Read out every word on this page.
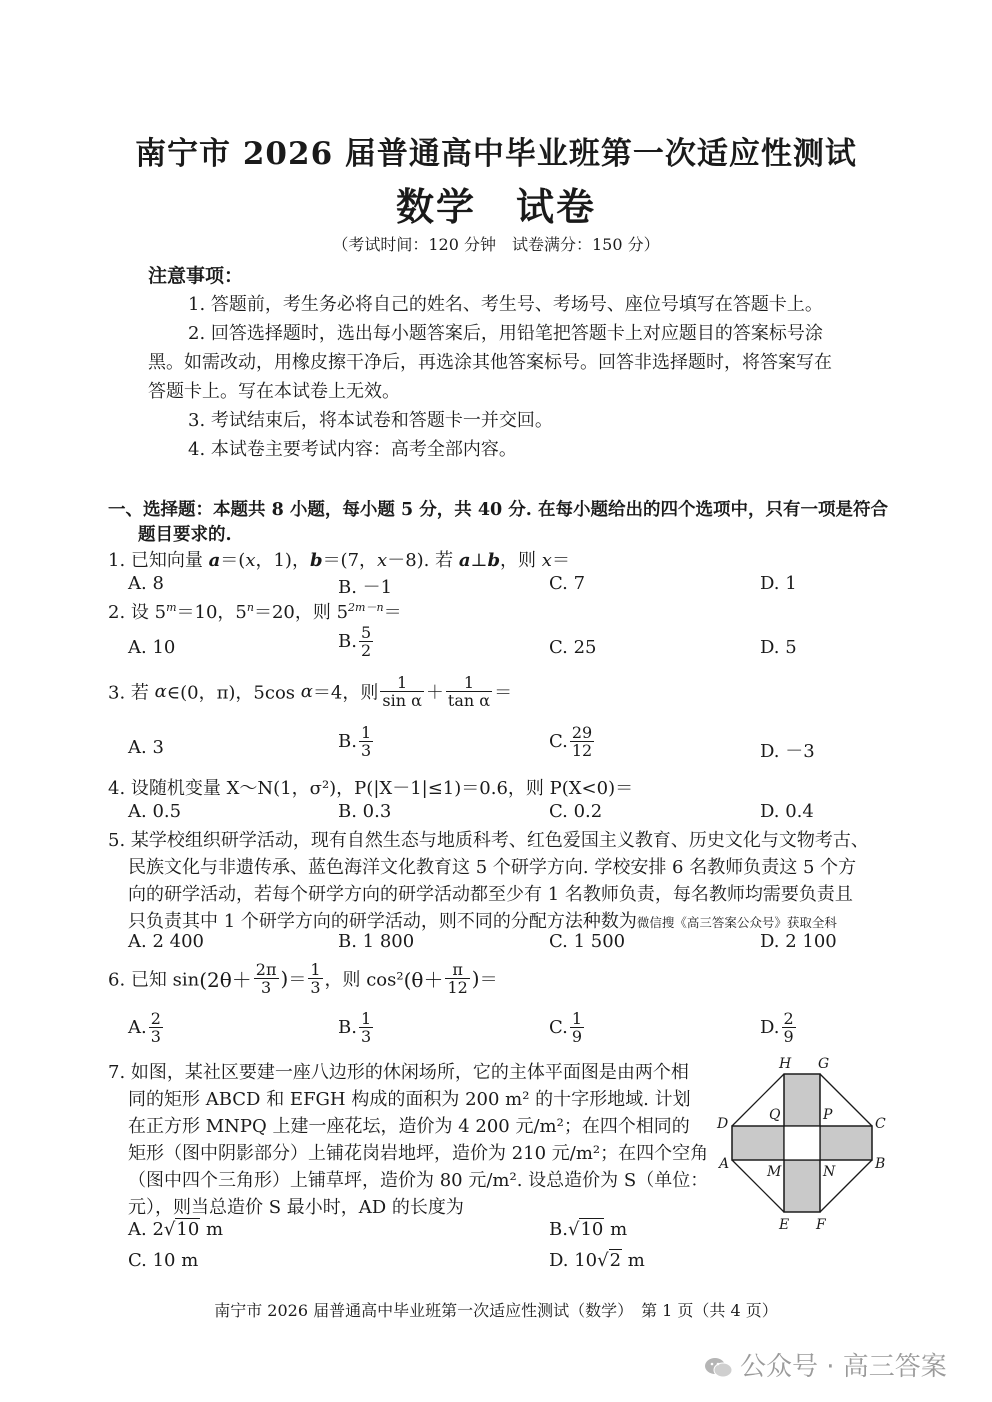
南宁市 2026 届普通高中毕业班第一次适应性测试
数学　试卷
（考试时间：120 分钟　试卷满分：150 分）
注意事项：
1. 答题前，考生务必将自己的姓名、考生号、考场号、座位号填写在答题卡上。
2. 回答选择题时，选出每小题答案后，用铅笔把答题卡上对应题目的答案标号涂
黑。如需改动，用橡皮擦干净后，再选涂其他答案标号。回答非选择题时，将答案写在
答题卡上。写在本试卷上无效。
3. 考试结束后，将本试卷和答题卡一并交回。
4. 本试卷主要考试内容：高考全部内容。
一、选择题：本题共 8 小题，每小题 5 分，共 40 分. 在每小题给出的四个选项中，只有一项是符合
题目要求的.
1. 已知向量 a＝(x，1)，b＝(7，x－8). 若 a⊥b，则 x＝
A. 8	B. －1	C. 7	D. 1
2. 设 $5^m=10$，$5^n=20$，则 $5^{2m-n}=$
A. 10	B. $\frac{5}{2}$	C. 25	D. 5
3. 若 α∈(0，π)，5cos α＝4，则 $\frac{1}{\text{sin α}} + \frac{1}{\text{tan α}}$ ＝
A. 3	B. $\frac{1}{3}$	C. $\frac{29}{12}$	D. －3
4. 设随机变量 X～N(1，σ²)，P(|X－1|≤1)＝0.6，则 P(X<0)＝
A. 0.5	B. 0.3	C. 0.2	D. 0.4
5. 某学校组织研学活动，现有自然生态与地质科考、红色爱国主义教育、历史文化与文物考古、
民族文化与非遗传承、蓝色海洋文化教育这 5 个研学方向. 学校安排 6 名教师负责这 5 个方
向的研学活动，若每个研学方向的研学活动都至少有 1 名教师负责，每名教师均需要负责且
只负责其中 1 个研学方向的研学活动，则不同的分配方法种数为微信搜《高三答案公众号》获取全科
A. 2 400	B. 1 800	C. 1 500	D. 2 100
6. 已知 $\sin(2\theta+ \frac{2\pi}{3}$ )＝ $\frac{1}{3}$ ，则 $\cos^2(\theta+ \frac{\pi}{12}$ )＝
A. $\frac{2}{3}$	B. $\frac{1}{3}$	C. $\frac{1}{9}$	D. $\frac{2}{9}$
7. 如图，某社区要建一座八边形的休闲场所，它的主体平面图是由两个相
同的矩形 ABCD 和 EFGH 构成的面积为 200 m² 的十字形地域. 计划
在正方形 MNPQ 上建一座花坛，造价为 4 200 元/m²；在四个相同的
矩形（图中阴影部分）上铺花岗岩地坪，造价为 210 元/m²；在四个空角
（图中四个三角形）上铺草坪，造价为 80 元/m². 设总造价为 S（单位：
元），则当总造价 S 最小时，AD 的长度为
A. 2√10 m	B.√10 m
C. 10 m	D. 10√2 m
H G
D	C
Q	P
A	B
M	N
E F
南宁市 2026 届普通高中毕业班第一次适应性测试（数学）　第 1 页（共 4 页）
公众号 · 高三答案
